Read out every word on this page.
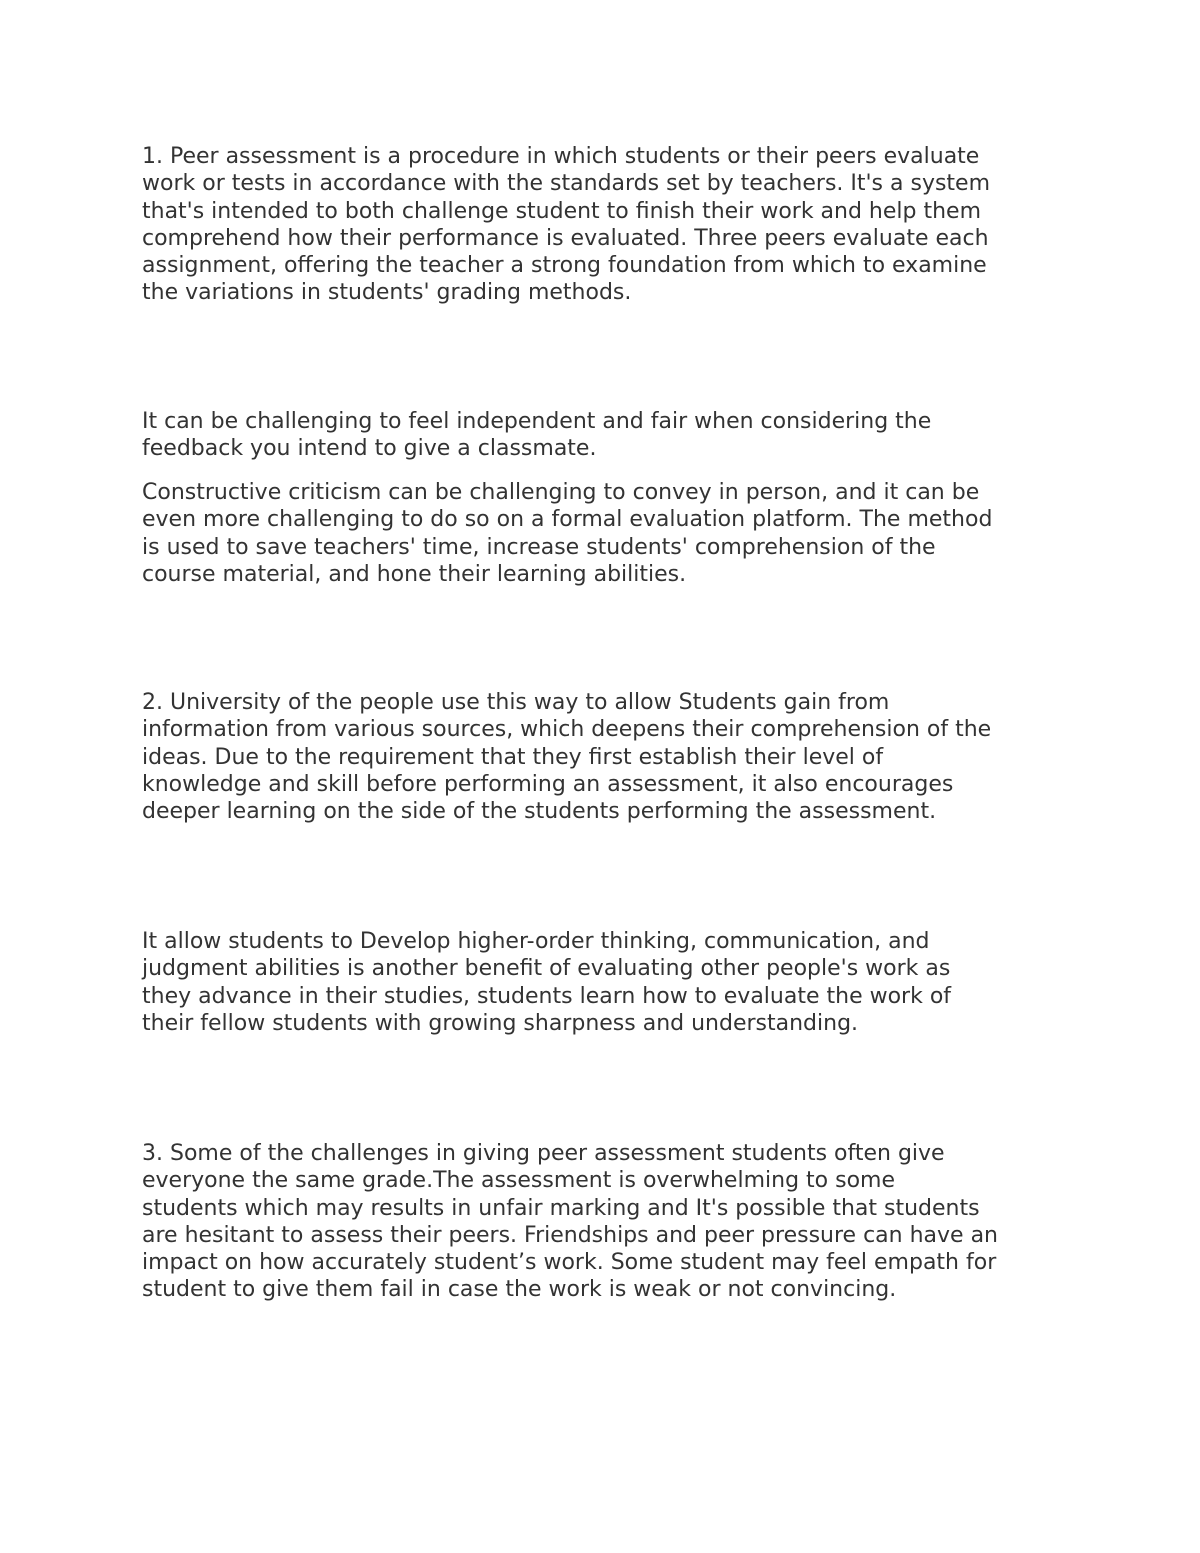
1. Peer assessment is a procedure in which students or their peers evaluate
work or tests in accordance with the standards set by teachers. It's a system
that's intended to both challenge student to finish their work and help them
comprehend how their performance is evaluated. Three peers evaluate each
assignment, offering the teacher a strong foundation from which to examine
the variations in students' grading methods.

It can be challenging to feel independent and fair when considering the
feedback you intend to give a classmate.

Constructive criticism can be challenging to convey in person, and it can be
even more challenging to do so on a formal evaluation platform. The method
is used to save teachers' time, increase students' comprehension of the
course material, and hone their learning abilities.

2. University of the people use this way to allow Students gain from
information from various sources, which deepens their comprehension of the
ideas. Due to the requirement that they first establish their level of
knowledge and skill before performing an assessment, it also encourages
deeper learning on the side of the students performing the assessment.

It allow students to Develop higher-order thinking, communication, and
judgment abilities is another benefit of evaluating other people's work as
they advance in their studies, students learn how to evaluate the work of
their fellow students with growing sharpness and understanding.

3. Some of the challenges in giving peer assessment students often give
everyone the same grade.The assessment is overwhelming to some
students which may results in unfair marking and It's possible that students
are hesitant to assess their peers. Friendships and peer pressure can have an
impact on how accurately student’s work. Some student may feel empath for
student to give them fail in case the work is weak or not convincing.
